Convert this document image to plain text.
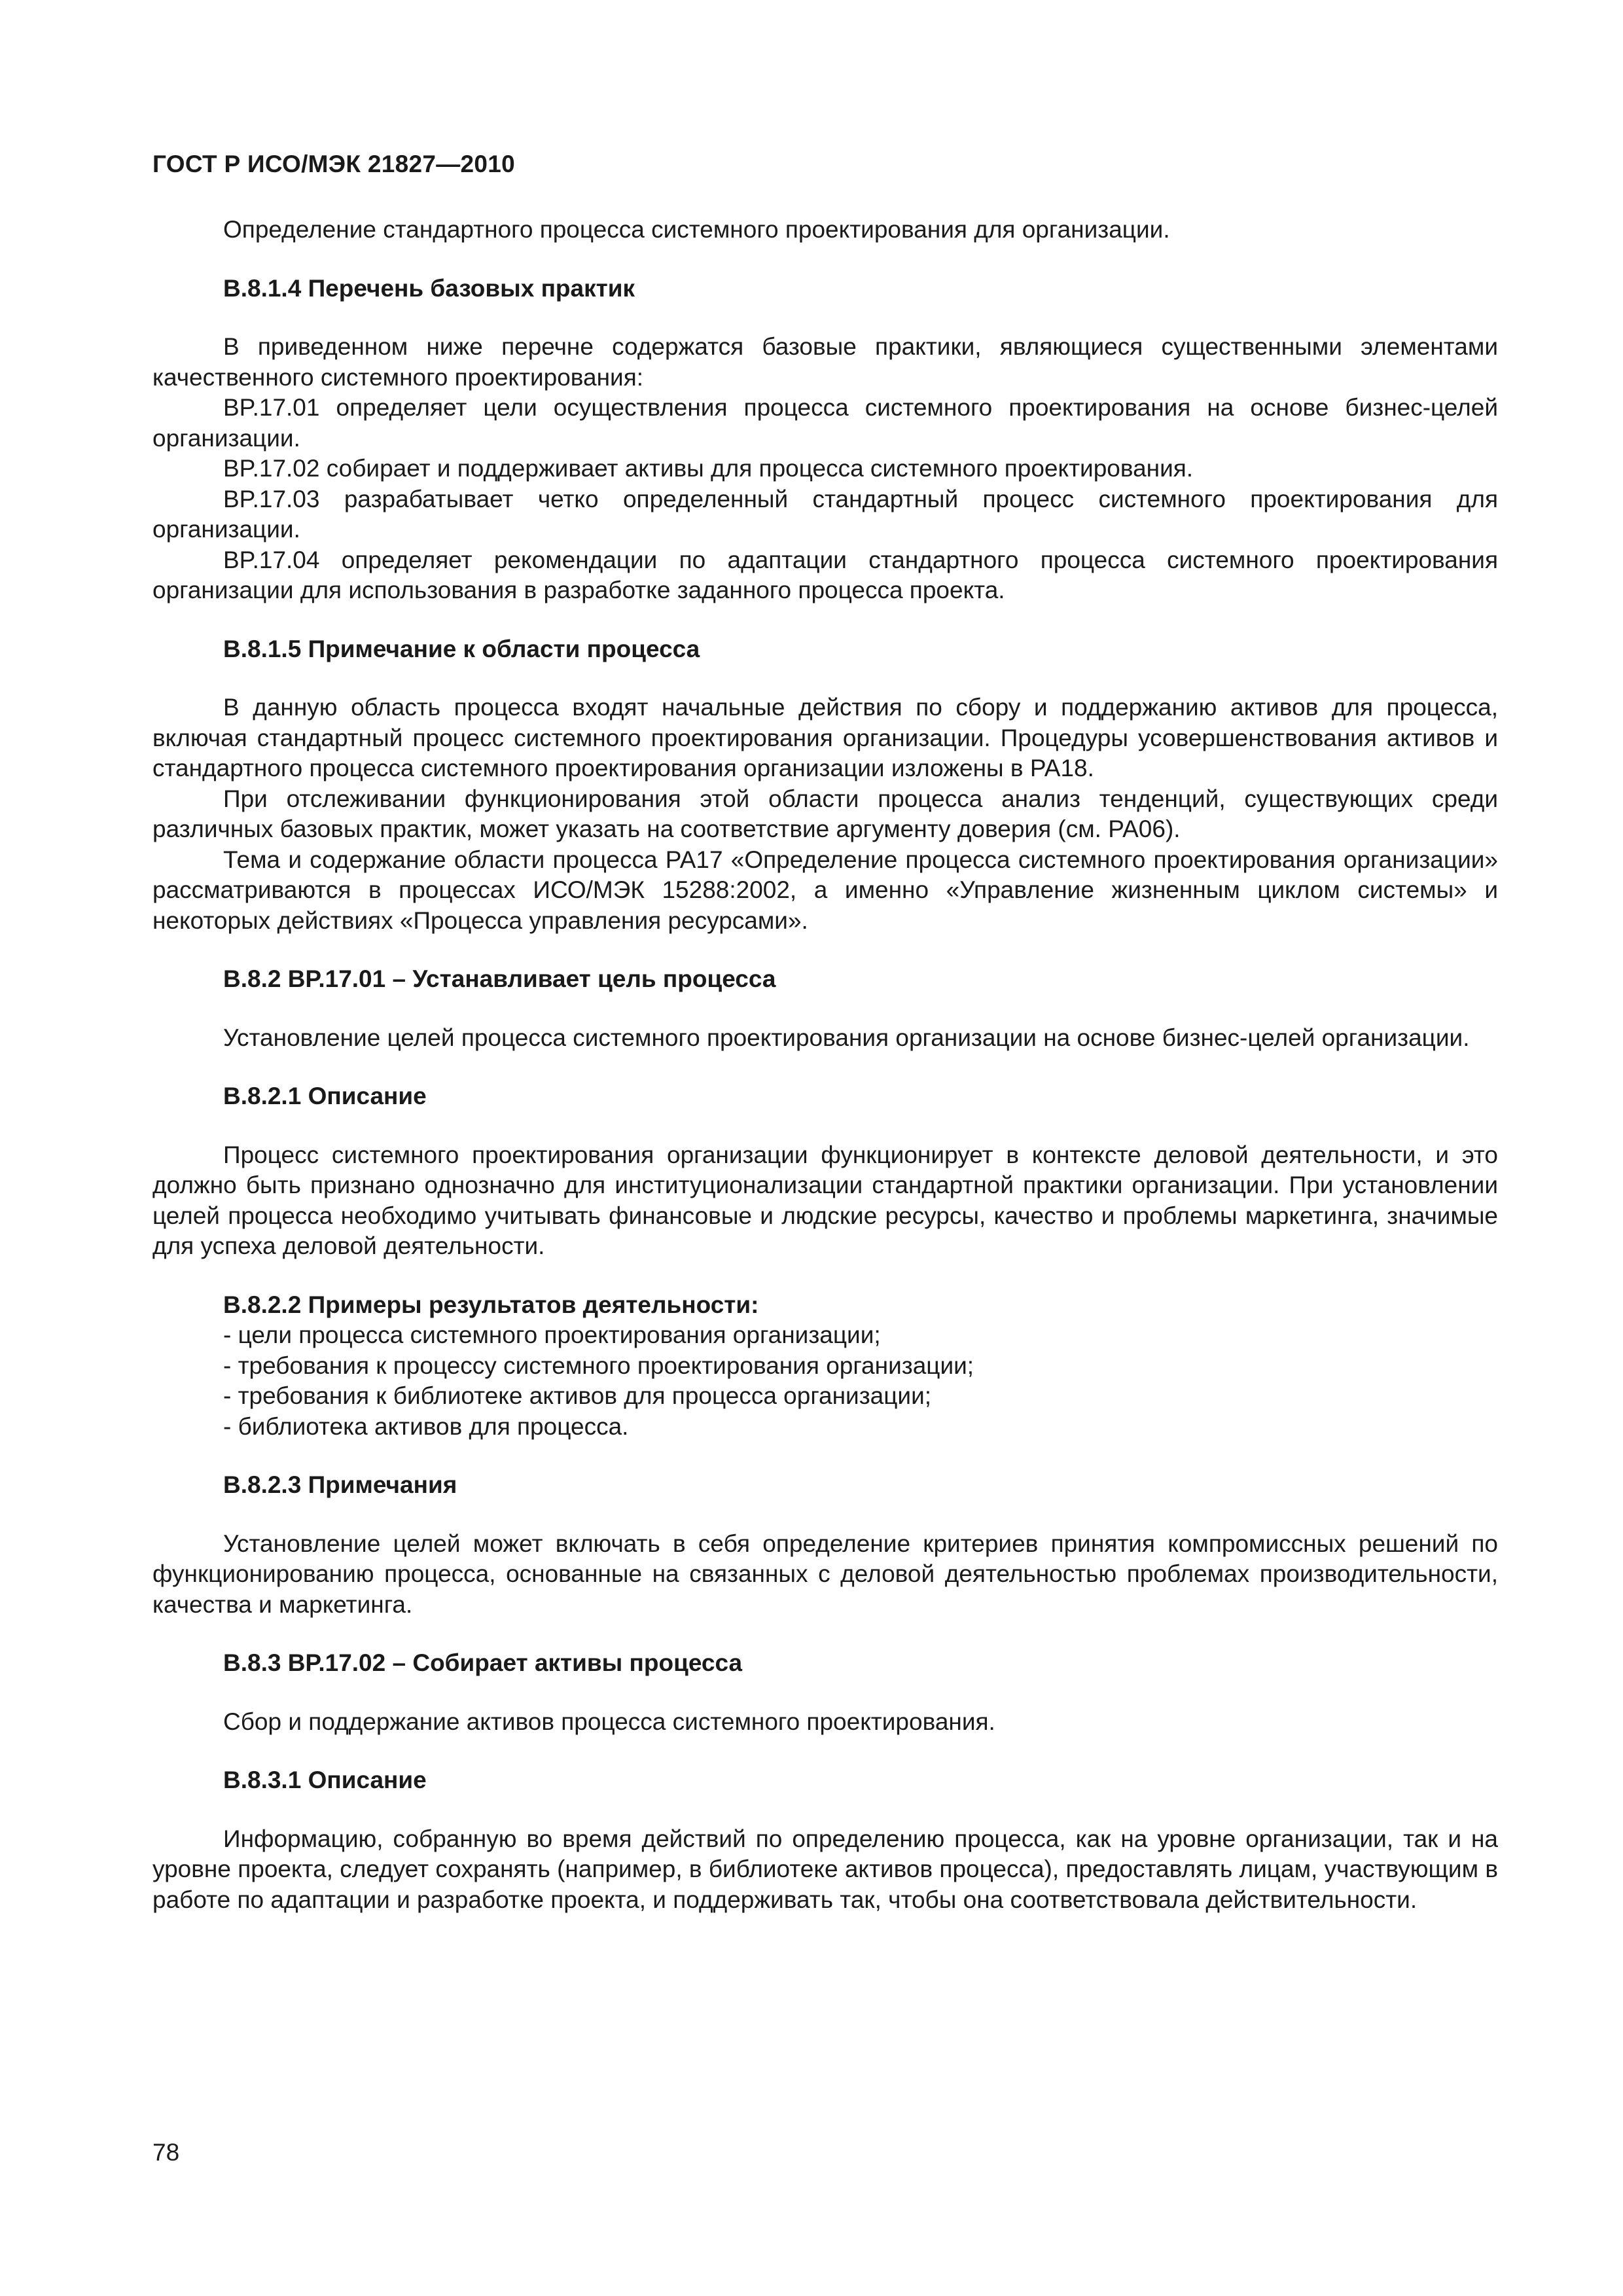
ГОСТ Р ИСО/МЭК 21827—2010

Определение стандартного процесса системного проектирования для организации.

В.8.1.4 Перечень базовых практик

В приведенном ниже перечне содержатся базовые практики, являющиеся существенными элементами качественного системного проектирования:

BP.17.01 определяет цели осуществления процесса системного проектирования на основе бизнес-целей организации.

BP.17.02 собирает и поддерживает активы для процесса системного проектирования.

BP.17.03 разрабатывает четко определенный стандартный процесс системного проектирования для организации.

BP.17.04 определяет рекомендации по адаптации стандартного процесса системного проектирования организации для использования в разработке заданного процесса проекта.

В.8.1.5 Примечание к области процесса

В данную область процесса входят начальные действия по сбору и поддержанию активов для процесса, включая стандартный процесс системного проектирования организации. Процедуры усовершенствования активов и стандартного процесса системного проектирования организации изложены в PA18.

При отслеживании функционирования этой области процесса анализ тенденций, существующих среди различных базовых практик, может указать на соответствие аргументу доверия (см. PA06).

Тема и содержание области процесса PA17 «Определение процесса системного проектирования организации» рассматриваются в процессах ИСО/МЭК 15288:2002, а именно «Управление жизненным циклом системы» и некоторых действиях «Процесса управления ресурсами».

В.8.2 BP.17.01 – Устанавливает цель процесса

Установление целей процесса системного проектирования организации на основе бизнес-целей организации.

В.8.2.1 Описание

Процесс системного проектирования организации функционирует в контексте деловой деятельности, и это должно быть признано однозначно для институционализации стандартной практики организации. При установлении целей процесса необходимо учитывать финансовые и людские ресурсы, качество и проблемы маркетинга, значимые для успеха деловой деятельности.

В.8.2.2 Примеры результатов деятельности:

- цели процесса системного проектирования организации;

- требования к процессу системного проектирования организации;

- требования к библиотеке активов для процесса организации;

- библиотека активов для процесса.

В.8.2.3 Примечания

Установление целей может включать в себя определение критериев принятия компромиссных решений по функционированию процесса, основанные на связанных с деловой деятельностью проблемах производительности, качества и маркетинга.

В.8.3 BP.17.02 – Собирает активы процесса

Сбор и поддержание активов процесса системного проектирования.

В.8.3.1 Описание

Информацию, собранную во время действий по определению процесса, как на уровне организации, так и на уровне проекта, следует сохранять (например, в библиотеке активов процесса), предоставлять лицам, участвующим в работе по адаптации и разработке проекта, и поддерживать так, чтобы она соответствовала действительности.

78
